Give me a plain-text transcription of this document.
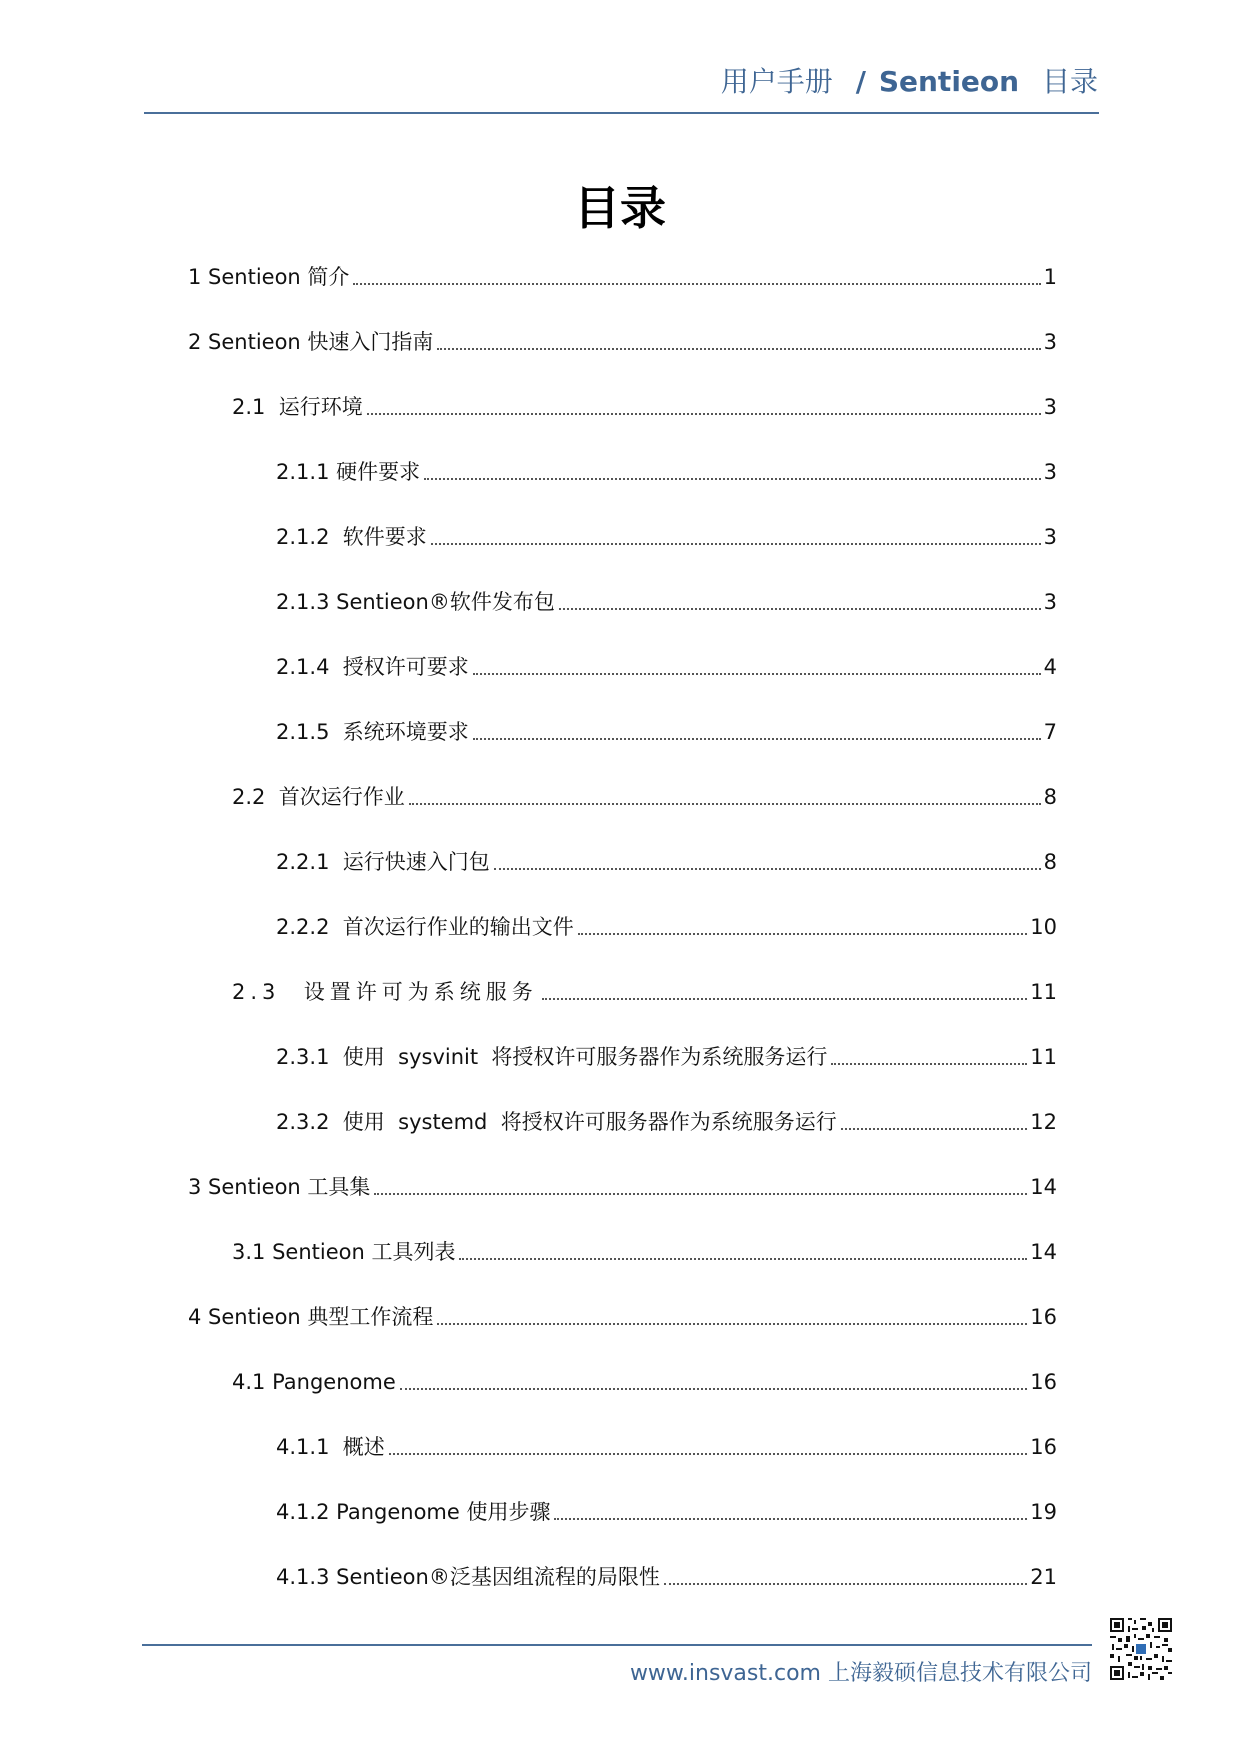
用户手册 / Sentieon 目录
目录
1 Sentieon 简介	1
2 Sentieon 快速入门指南	3
2.1  运行环境	3
2.1.1 硬件要求	3
2.1.2  软件要求	3
2.1.3 Sentieon®软件发布包	3
2.1.4  授权许可要求	4
2.1.5  系统环境要求	7
2.2  首次运行作业	8
2.2.1  运行快速入门包	8
2.2.2  首次运行作业的输出文件	10
2.3  设置许可为系统服务	11
2.3.1  使用  sysvinit  将授权许可服务器作为系统服务运行	11
2.3.2  使用  systemd  将授权许可服务器作为系统服务运行	12
3 Sentieon 工具集	14
3.1 Sentieon 工具列表	14
4 Sentieon 典型工作流程	16
4.1 Pangenome	16
4.1.1  概述	16
4.1.2 Pangenome 使用步骤	19
4.1.3 Sentieon®泛基因组流程的局限性	21
www.insvast.com 上海毅硕信息技术有限公司
